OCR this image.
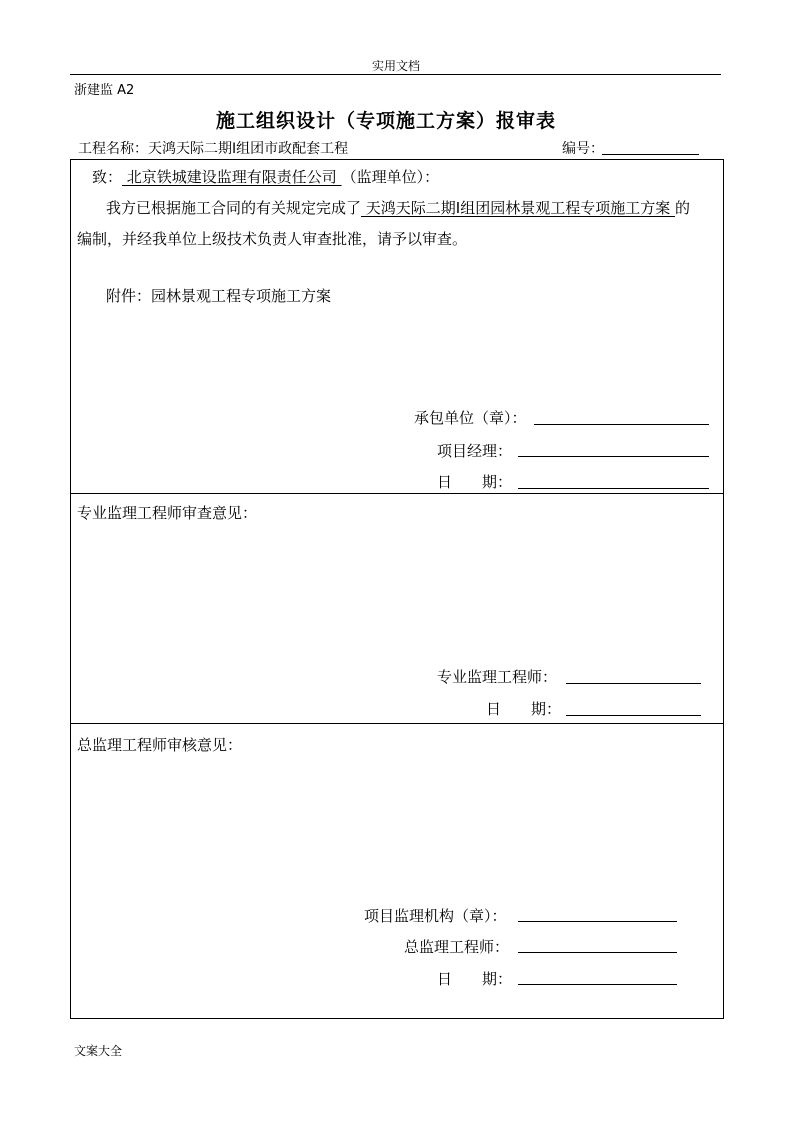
实用文档
浙建监 A2
施工组织设计（专项施工方案）报审表
工程名称：天鸿天际二期Ⅰ组团市政配套工程	编号：
致： 北京铁城建设监理有限责任公司 （监理单位）：
我方已根据施工合同的有关规定完成了 天鸿天际二期Ⅰ组团园林景观工程专项施工方案 的
编制，并经我单位上级技术负责人审查批准，请予以审查。
附件：园林景观工程专项施工方案
承包单位（章）：
项目经理：
日　　期：
专业监理工程师审查意见：
专业监理工程师：
日　　期：
总监理工程师审核意见：
项目监理机构（章）：
总监理工程师：
日　　期：
文案大全
